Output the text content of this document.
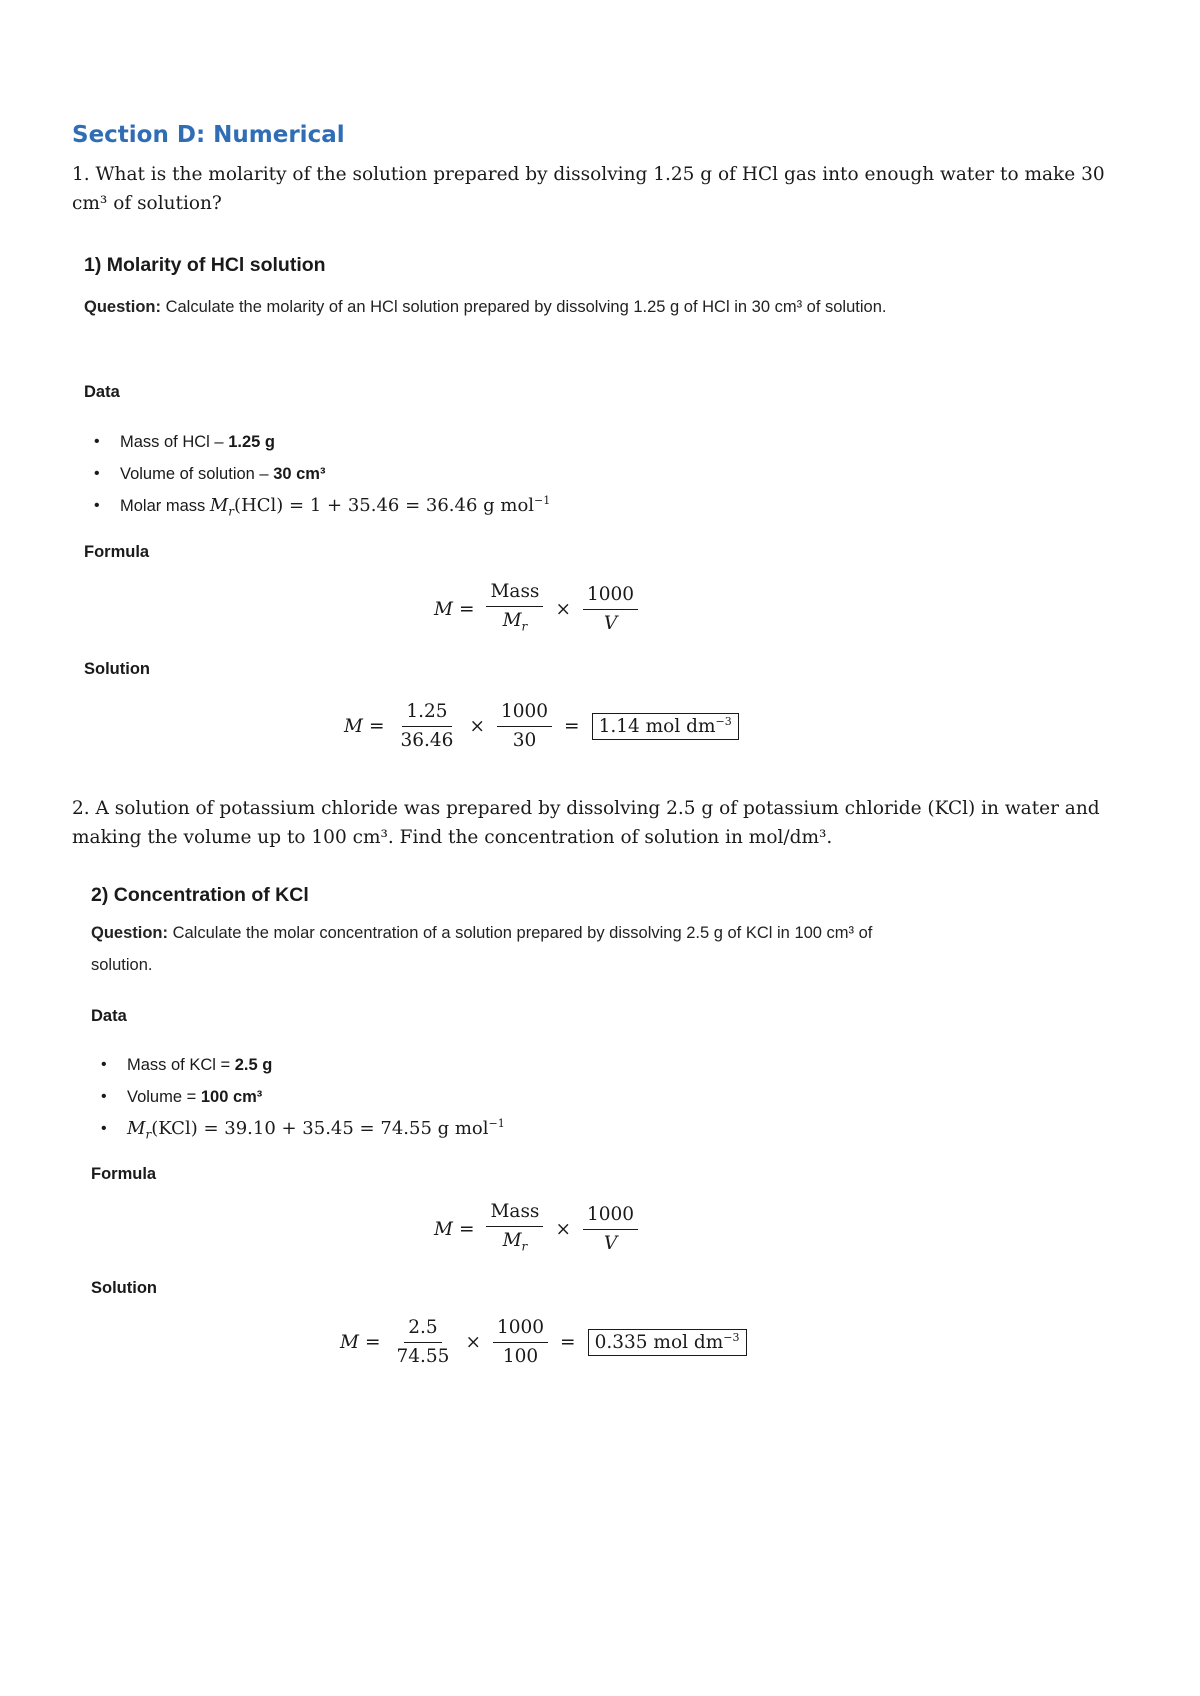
Section D: Numerical

1. What is the molarity of the solution prepared by dissolving 1.25 g of HCl gas into enough water to make 30 cm³ of solution?

1) Molarity of HCl solution

Question: Calculate the molarity of an HCl solution prepared by dissolving 1.25 g of HCl in 30 cm³ of solution.

Data

• Mass of HCl – 1.25 g
• Volume of solution – 30 cm³
• Molar mass $M_r(HCl) = 1 + 35.46 = 36.46$ g mol$^{-1}$

Formula

$M = \frac{\text{Mass}}{M_r} \times \frac{1000}{V}$

Solution

$M = \frac{1.25}{36.46} \times \frac{1000}{30}$ =	1.14 mol $dm^{-3}$

2. A solution of potassium chloride was prepared by dissolving 2.5 g of potassium chloride (KCl) in water and making the volume up to 100 cm³. Find the concentration of solution in mol/dm³.

2) Concentration of KCl

Question: Calculate the molar concentration of a solution prepared by dissolving 2.5 g of KCl in 100 cm³ of solution.

Data

• Mass of KCl = 2.5 g
• Volume = 100 cm³
• $M_r(KCl) = 39.10 + 35.45 = 74.55$ g mol$^{-1}$

Formula

$M = \frac{\text{Mass}}{M_r} \times \frac{1000}{V}$

Solution

$M = \frac{2.5}{74.55} \times \frac{1000}{100}$ =	0.335 mol $dm^{-3}$
